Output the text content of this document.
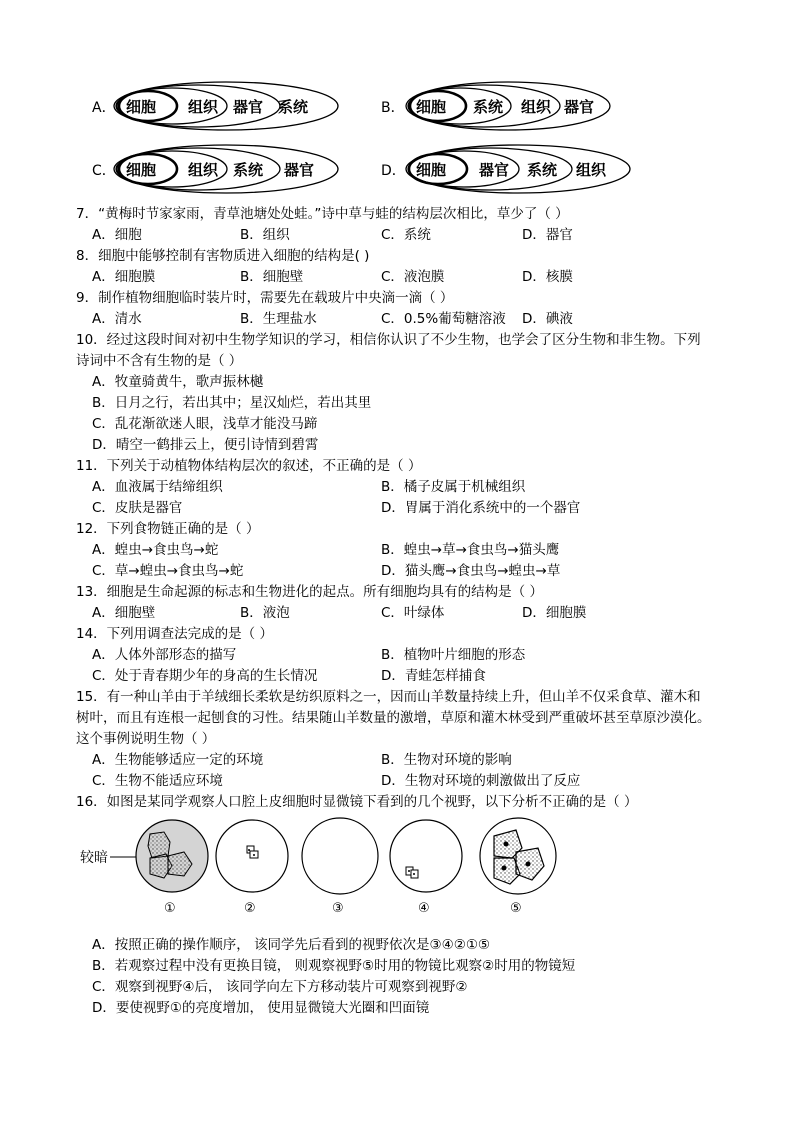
A． 细胞 组织 器官 系统	B． 细胞 系统 组织 器官
C． 细胞 组织 系统 器官	D． 细胞 器官 系统 组织
7．“黄梅时节家家雨，青草池塘处处蛙。”诗中草与蛙的结构层次相比，草少了（ ）
A．细胞	B．组织	C．系统	D．器官
8．细胞中能够控制有害物质进入细胞的结构是( )
A．细胞膜	B．细胞壁	C．液泡膜	D．核膜
9．制作植物细胞临时装片时，需要先在载玻片中央滴一滴（ ）
A．清水	B．生理盐水	C．0.5%葡萄糖溶液 D．碘液
10．经过这段时间对初中生物学知识的学习，相信你认识了不少生物，也学会了区分生物和非生物。下列
诗词中不含有生物的是（ ）
A．牧童骑黄牛，歌声振林樾
B．日月之行，若出其中；星汉灿烂，若出其里
C．乱花渐欲迷人眼，浅草才能没马蹄
D．晴空一鹤排云上，便引诗情到碧霄
11．下列关于动植物体结构层次的叙述，不正确的是（ ）
A．血液属于结缔组织	B．橘子皮属于机械组织
C．皮肤是器官	D．胃属于消化系统中的一个器官
12．下列食物链正确的是（ ）
A．蝗虫→食虫鸟→蛇	B．蝗虫→草→食虫鸟→猫头鹰
C．草→蝗虫→食虫鸟→蛇	D．猫头鹰→食虫鸟→蝗虫→草
13．细胞是生命起源的标志和生物进化的起点。所有细胞均具有的结构是（ ）
A．细胞壁	B．液泡	C．叶绿体	D．细胞膜
14．下列用调查法完成的是（ ）
A．人体外部形态的描写	B．植物叶片细胞的形态
C．处于青春期少年的身高的生长情况	D．青蛙怎样捕食
15．有一种山羊由于羊绒细长柔软是纺织原料之一，因而山羊数量持续上升，但山羊不仅采食草、灌木和
树叶，而且有连根一起刨食的习性。结果随山羊数量的激增，草原和灌木林受到严重破坏甚至草原沙漠化。
这个事例说明生物（ ）
A．生物能够适应一定的环境	B．生物对环境的影响
C．生物不能适应环境	D．生物对环境的刺激做出了反应
16．如图是某同学观察人口腔上皮细胞时显微镜下看到的几个视野，以下分析不正确的是（ ）
较暗
①	②	③	④	⑤
A．按照正确的操作顺序， 该同学先后看到的视野依次是③④②①⑤
B．若观察过程中没有更换目镜， 则观察视野⑤时用的物镜比观察②时用的物镜短
C．观察到视野④后， 该同学向左下方移动装片可观察到视野②
D．要使视野①的亮度增加， 使用显微镜大光圈和凹面镜
